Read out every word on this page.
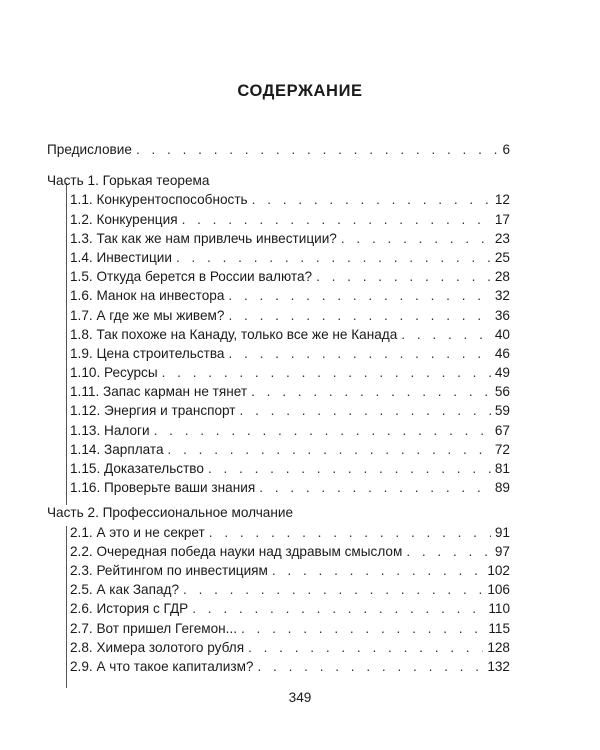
СОДЕРЖАНИЕ
Предисловие . . .	6
Часть 1. Горькая теорема
1.1. Конкурентоспособность . . .	12
1.2. Конкуренция . . .	17
1.3. Так как же нам привлечь инвестиции? . . .	23
1.4. Инвестиции . . .	25
1.5. Откуда берется в России валюта? . . .	28
1.6. Манок на инвестора . . .	32
1.7. А где же мы живем? . . .	36
1.8. Так похоже на Канаду, только все же не Канада . . .	40
1.9. Цена строительства . . .	46
1.10. Ресурсы . . .	49
1.11. Запас карман не тянет . . .	56
1.12. Энергия и транспорт . . .	59
1.13. Налоги . . .	67
1.14. Зарплата . . .	72
1.15. Доказательство . . .	81
1.16. Проверьте ваши знания . . .	89
Часть 2. Профессиональное молчание
2.1. А это и не секрет . . .	91
2.2. Очередная победа науки над здравым смыслом . . .	97
2.3. Рейтингом по инвестициям . . .	102
2.5. А как Запад? . . .	106
2.6. История с ГДР . . .	110
2.7. Вот пришел Гегемон... . . .	115
2.8. Химера золотого рубля . . .	128
2.9. А что такое капитализм? . . .	132
349
